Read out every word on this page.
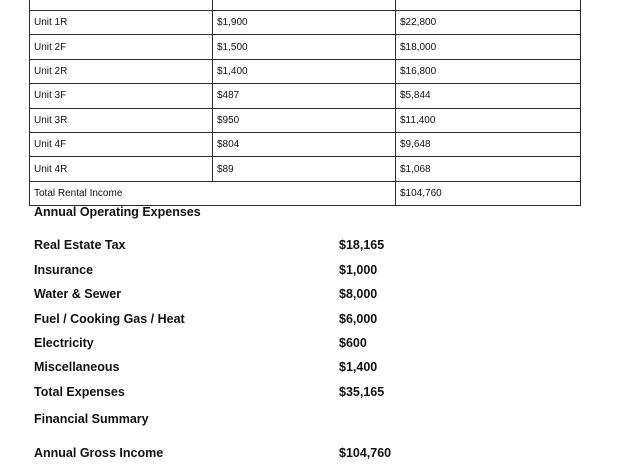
Unit 1R	$1,900	$22,800
Unit 2F	$1,500	$18,000
Unit 2R	$1,400	$16,800
Unit 3F	$487	$5,844
Unit 3R	$950	$11,400
Unit 4F	$804	$9,648
Unit 4R	$89	$1,068
Total Rental Income		$104,760
Annual Operating Expenses
Real Estate Tax	$18,165
Insurance	$1,000
Water & Sewer	$8,000
Fuel / Cooking Gas / Heat	$6,000
Electricity	$600
Miscellaneous	$1,400
Total Expenses	$35,165
Financial Summary
Annual Gross Income	$104,760
